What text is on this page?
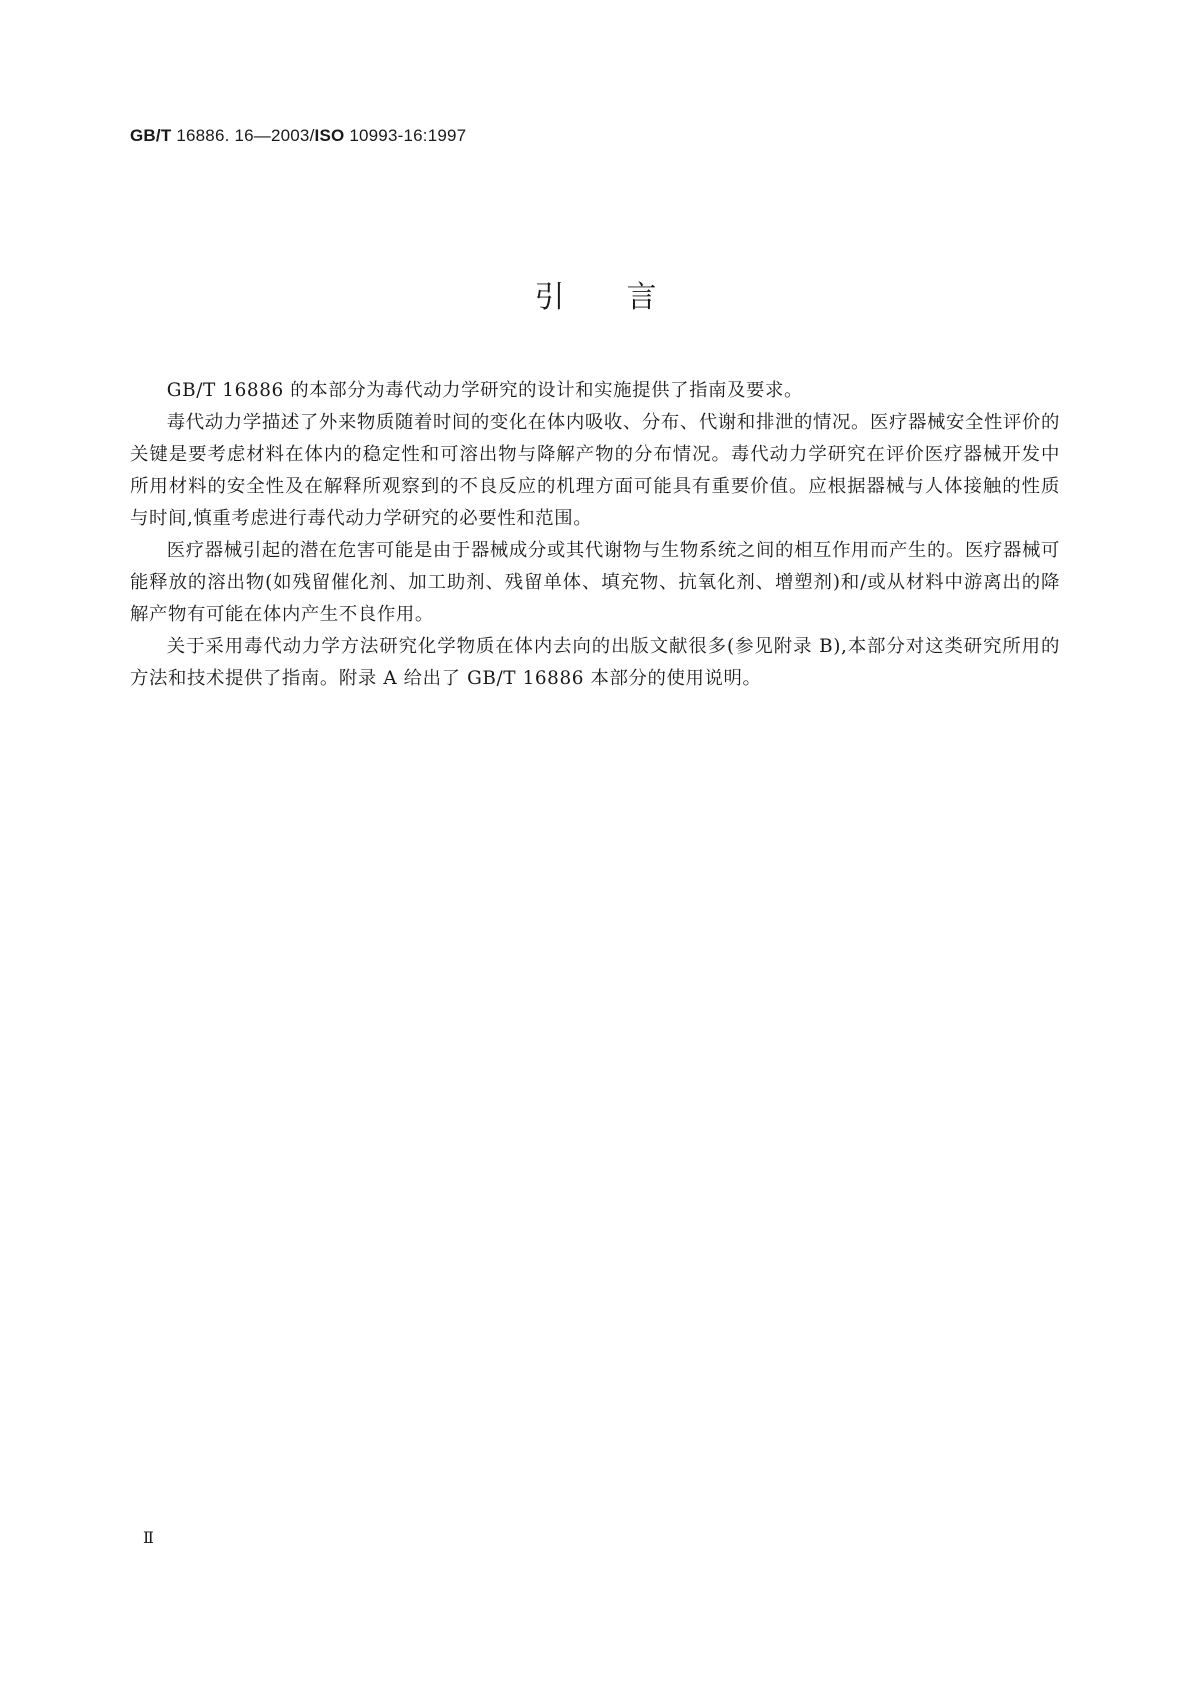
GB/T 16886. 16—2003/ISO 10993-16:1997
引言

GB/T 16886 的本部分为毒代动力学研究的设计和实施提供了指南及要求。

毒代动力学描述了外来物质随着时间的变化在体内吸收、分布、代谢和排泄的情况。医疗器械安全性评价的关键是要考虑材料在体内的稳定性和可溶出物与降解产物的分布情况。毒代动力学研究在评价医疗器械开发中所用材料的安全性及在解释所观察到的不良反应的机理方面可能具有重要价值。应根据器械与人体接触的性质与时间,慎重考虑进行毒代动力学研究的必要性和范围。

医疗器械引起的潜在危害可能是由于器械成分或其代谢物与生物系统之间的相互作用而产生的。医疗器械可能释放的溶出物(如残留催化剂、加工助剂、残留单体、填充物、抗氧化剂、增塑剂)和/或从材料中游离出的降解产物有可能在体内产生不良作用。

关于采用毒代动力学方法研究化学物质在体内去向的出版文献很多(参见附录 B),本部分对这类研究所用的方法和技术提供了指南。附录 A 给出了 GB/T 16886 本部分的使用说明。

Ⅱ
